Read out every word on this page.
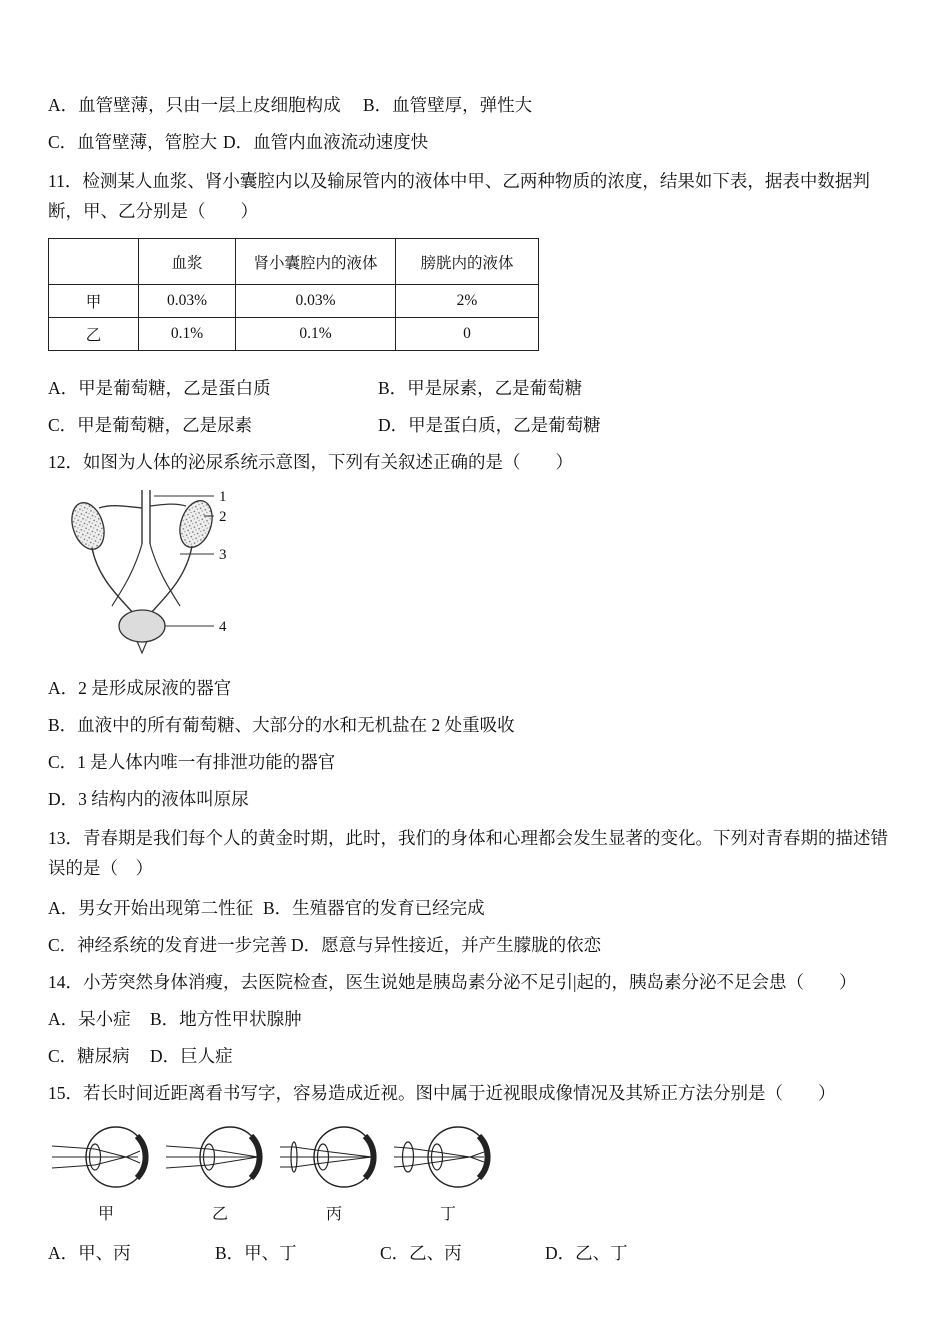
A．血管壁薄，只由一层上皮细胞构成	B．血管壁厚，弹性大
C．血管壁薄，管腔大 D．血管内血液流动速度快
11．检测某人血浆、肾小囊腔内以及输尿管内的液体中甲、乙两种物质的浓度，结果如下表，据表中数据判断，甲、乙分别是（　　）
	血浆	肾小囊腔内的液体	膀胱内的液体
甲	0.03%	0.03%	2%
乙	0.1%	0.1%	0
A．甲是葡萄糖，乙是蛋白质	B．甲是尿素，乙是葡萄糖
C．甲是葡萄糖，乙是尿素	D．甲是蛋白质，乙是葡萄糖
12．如图为人体的泌尿系统示意图，下列有关叙述正确的是（　　）
1
2
3
4
A．2 是形成尿液的器官
B．血液中的所有葡萄糖、大部分的水和无机盐在 2 处重吸收
C．1 是人体内唯一有排泄功能的器官
D．3 结构内的液体叫原尿
13．青春期是我们每个人的黄金时期，此时，我们的身体和心理都会发生显著的变化。下列对青春期的描述错误的是（　）
A．男女开始出现第二性征 B．生殖器官的发育已经完成
C．神经系统的发育进一步完善 D．愿意与异性接近，并产生朦胧的依恋
14．小芳突然身体消瘦，去医院检查，医生说她是胰岛素分泌不足引|起的，胰岛素分泌不足会患（　　）
A．呆小症	B．地方性甲状腺肿
C．糖尿病	D．巨人症
15．若长时间近距离看书写字，容易造成近视。图中属于近视眼成像情况及其矫正方法分别是（　　）
甲	乙	丙	丁
A．甲、丙	B．甲、丁	C．乙、丙	D．乙、丁
